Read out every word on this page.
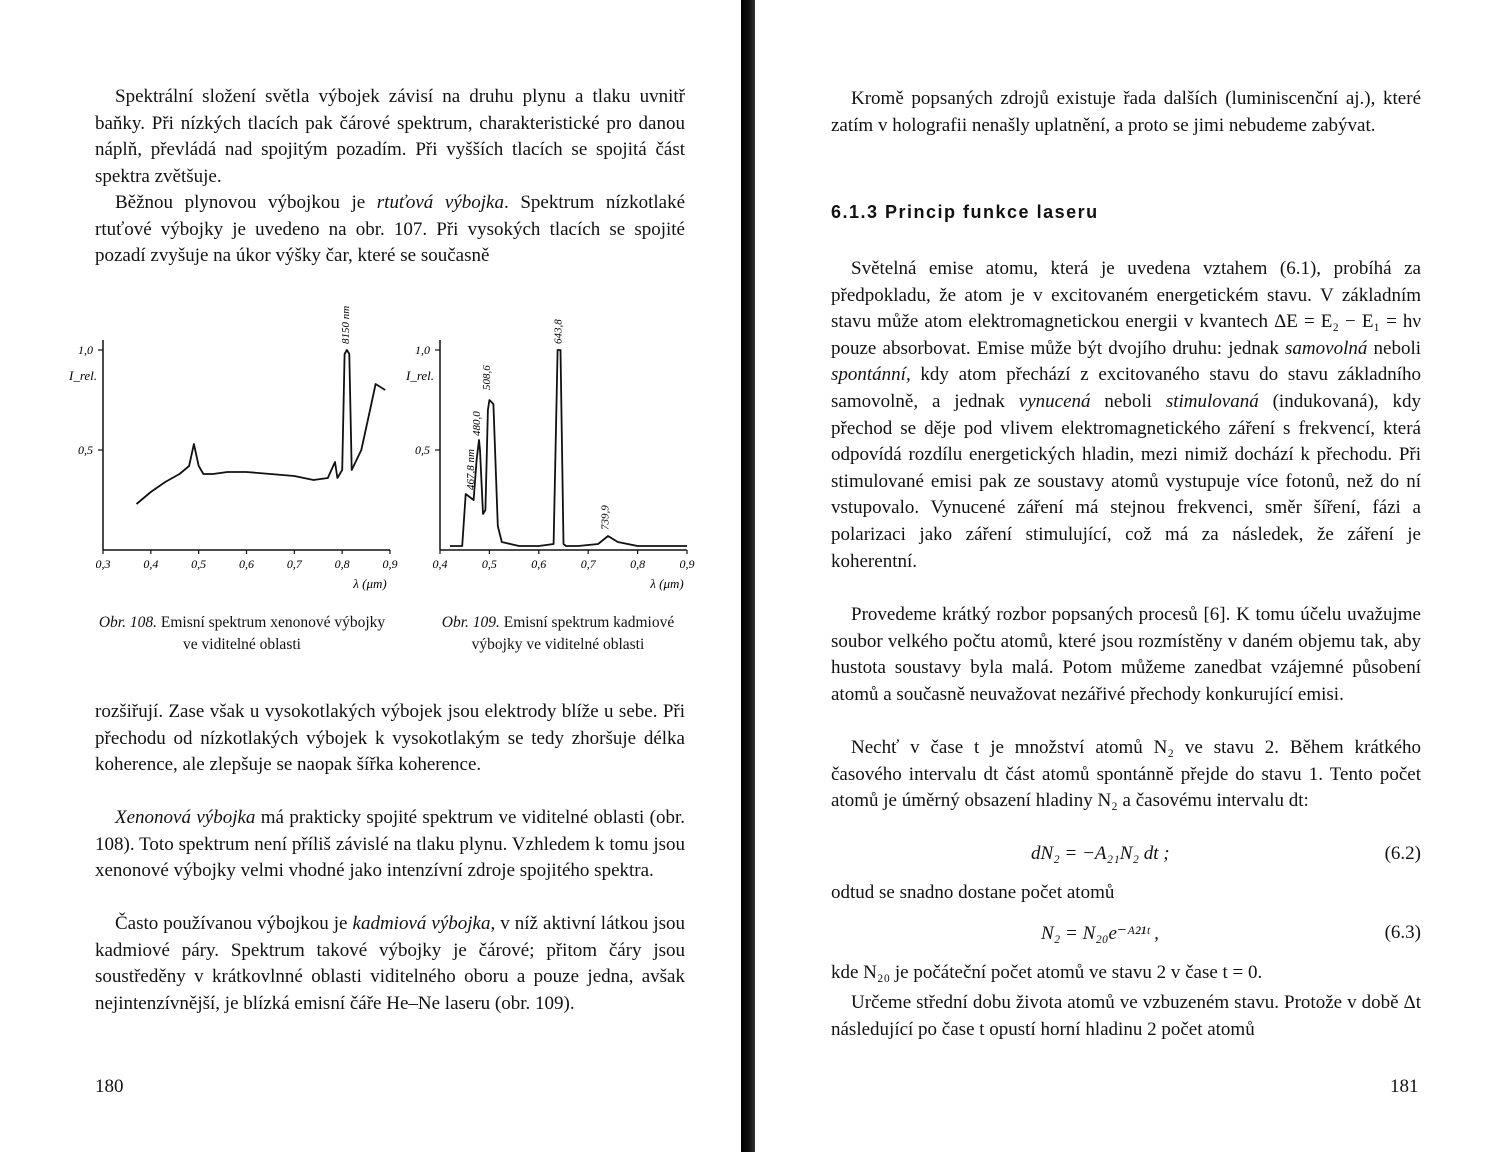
Spektrální složení světla výbojek závisí na druhu plynu a tlaku uvnitř baňky. Při nízkých tlacích pak čárové spektrum, charakteristické pro danou náplň, převládá nad spojitým pozadím. Při vyšších tlacích se spojitá část spektra zvětšuje.

Běžnou plynovou výbojkou je rtuťová výbojka. Spektrum nízkotlaké rtuťové výbojky je uvedeno na obr. 107. Při vysokých tlacích se spojité pozadí zvyšuje na úkor výšky čar, které se současně

1,0
0,5
0,3	0,4	0,5	0,6	0,7	0,8	0,9
I_rel.
λ (μm)
8150 nm
Obr. 108. Emisní spektrum xenonové výbojky ve viditelné oblasti
1,0
0,5
0,4	0,5	0,6	0,7	0,8	0,9
I_rel.
λ (μm)
467,8 nm
480,0
508,6
643,8
739,9
Obr. 109. Emisní spektrum kadmiové výbojky ve viditelné oblasti

rozšiřují. Zase však u vysokotlakých výbojek jsou elektrody blíže u sebe. Při přechodu od nízkotlakých výbojek k vysokotlakým se tedy zhoršuje délka koherence, ale zlepšuje se naopak šířka koherence.

Xenonová výbojka má prakticky spojité spektrum ve viditelné oblasti (obr. 108). Toto spektrum není příliš závislé na tlaku plynu. Vzhledem k tomu jsou xenonové výbojky velmi vhodné jako intenzívní zdroje spojitého spektra.

Často používanou výbojkou je kadmiová výbojka, v níž aktivní látkou jsou kadmiové páry. Spektrum takové výbojky je čárové; přitom čáry jsou soustředěny v krátkovlnné oblasti viditelného oboru a pouze jedna, avšak nejintenzívnější, je blízká emisní čáře He–Ne laseru (obr. 109).

180

Kromě popsaných zdrojů existuje řada dalších (luminiscenční aj.), které zatím v holografii nenašly uplatnění, a proto se jimi nebudeme zabývat.

6.1.3 Princip funkce laseru

Světelná emise atomu, která je uvedena vztahem (6.1), probíhá za předpokladu, že atom je v excitovaném energetickém stavu. V základním stavu může atom elektromagnetickou energii v kvantech ΔE = E₂ − E₁ = hν pouze absorbovat. Emise může být dvojího druhu: jednak samovolná neboli spontánní, kdy atom přechází z excitovaného stavu do stavu základního samovolně, a jednak vynucená neboli stimulovaná (indukovaná), kdy přechod se děje pod vlivem elektromagnetického záření s frekvencí, která odpovídá rozdílu energetických hladin, mezi nimiž dochází k přechodu. Při stimulované emisi pak ze soustavy atomů vystupuje více fotonů, než do ní vstupovalo. Vynucené záření má stejnou frekvenci, směr šíření, fázi a polarizaci jako záření stimulující, což má za následek, že záření je koherentní.

Provedeme krátký rozbor popsaných procesů [6]. K tomu účelu uvažujme soubor velkého počtu atomů, které jsou rozmístěny v daném objemu tak, aby hustota soustavy byla malá. Potom můžeme zanedbat vzájemné působení atomů a současně neuvažovat nezářivé přechody konkurující emisi.

Nechť v čase t je množství atomů N₂ ve stavu 2. Během krátkého časového intervalu dt část atomů spontánně přejde do stavu 1. Tento počet atomů je úměrný obsazení hladiny N₂ a časovému intervalu dt:

dN₂ = −A₂₁N₂ dt ;	(6.2)

odtud se snadno dostane počet atomů

N₂ = N₂₀e⁻ᴬ²¹ᵗ ,	(6.3)

kde N₂₀ je počáteční počet atomů ve stavu 2 v čase t = 0.

Určeme střední dobu života atomů ve vzbuzeném stavu. Protože v době Δt následující po čase t opustí horní hladinu 2 počet atomů

181
